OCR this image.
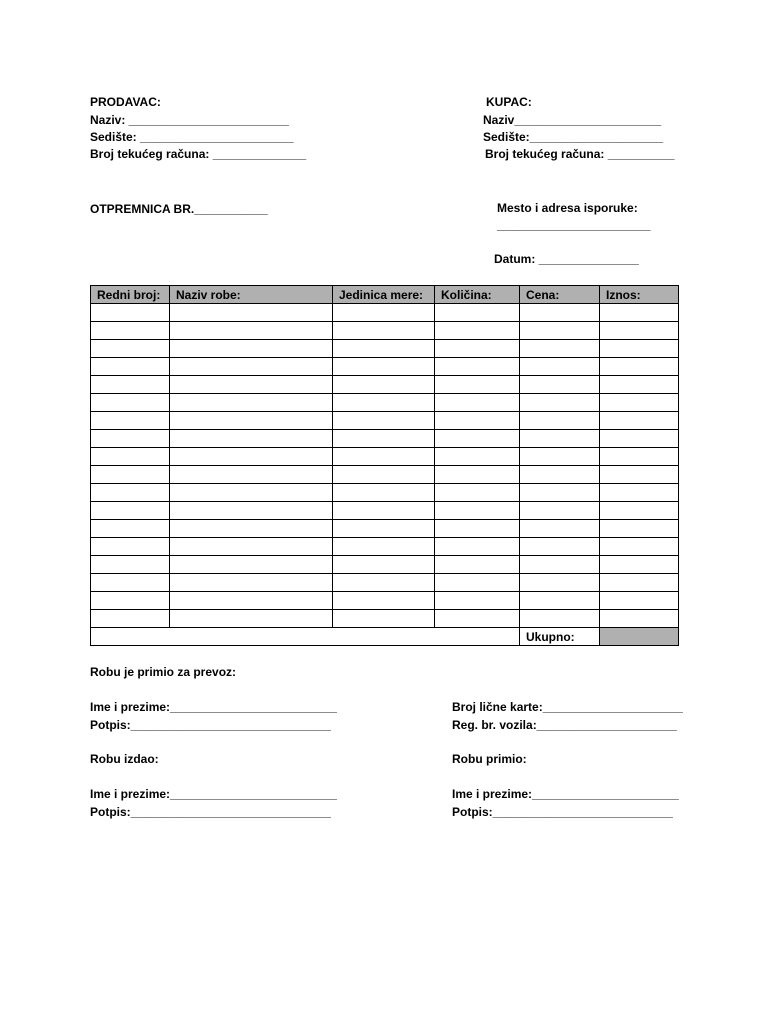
PRODAVAC:
Naziv: ________________________
Sedište: _______________________
Broj tekućeg računa: ______________
KUPAC:
Naziv______________________
Sedište:____________________
Broj tekućeg računa: __________
OTPREMNICA BR.___________	Mesto i adresa isporuke:
_______________________
Datum: _______________
Redni broj:	Naziv robe:	Jedinica mere:	Količina:	Cena:	Iznos:

				Ukupno:	
Robu je primio za prevoz:
Ime i prezime:_________________________
Potpis:______________________________
Broj lične karte:_____________________
Reg. br. vozila:_____________________
Robu izdao:
Ime i prezime:_________________________
Potpis:______________________________
Robu primio:
Ime i prezime:______________________
Potpis:___________________________
